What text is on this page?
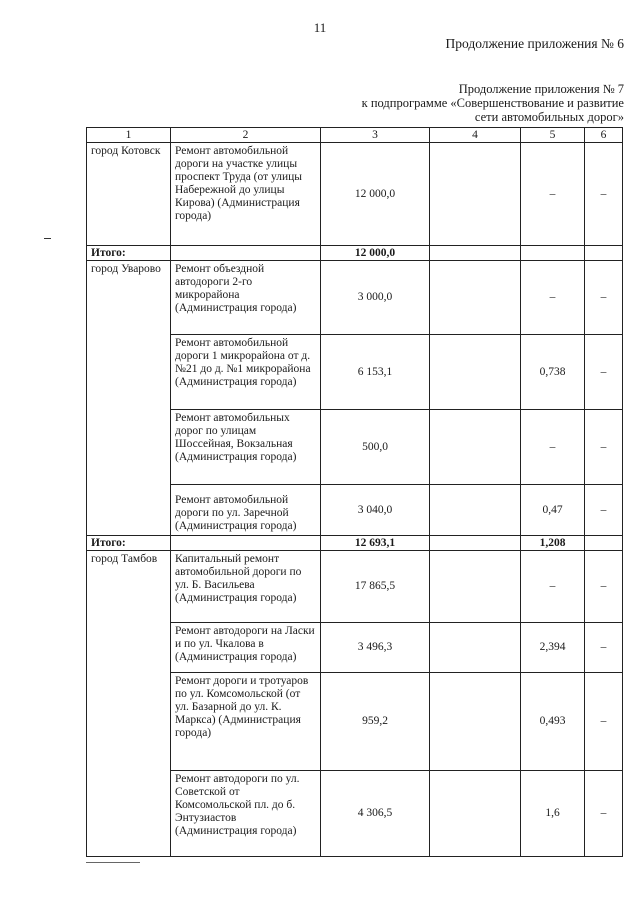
11
Продолжение приложения № 6
Продолжение приложения № 7
к подпрограмме «Совершенствование и развитие
сети автомобильных дорог»
1	2	3	4	5	6
город Котовск	Ремонт автомобильной дороги на участке улицы проспект Труда (от улицы Набережной до улицы Кирова) (Администрация города)	12 000,0		–	–
Итого:		12 000,0			
город Уварово	Ремонт объездной автодороги 2-го микрорайона (Администрация города)	3 000,0		–	–
	Ремонт автомобильной дороги 1 микрорайона от д. №21 до д. №1 микрорайона (Администрация города)	6 153,1		0,738	–
	Ремонт автомобильных дорог по улицам Шоссейная, Вокзальная (Администрация города)	500,0		–	–
	Ремонт автомобильной дороги по ул. Заречной (Администрация города)	3 040,0		0,47	–
Итого:		12 693,1		1,208	
город Тамбов	Капитальный ремонт автомобильной дороги по ул. Б. Васильева (Администрация города)	17 865,5		–	–
	Ремонт автодороги на Ласки и по ул. Чкалова в (Администрация города)	3 496,3		2,394	–
	Ремонт дороги и тротуаров по ул. Комсомольской (от ул. Базарной до ул. К. Маркса) (Администрация города)	959,2		0,493	–
	Ремонт автодороги по ул. Советской от Комсомольской пл. до б. Энтузиастов (Администрация города)	4 306,5		1,6	–
